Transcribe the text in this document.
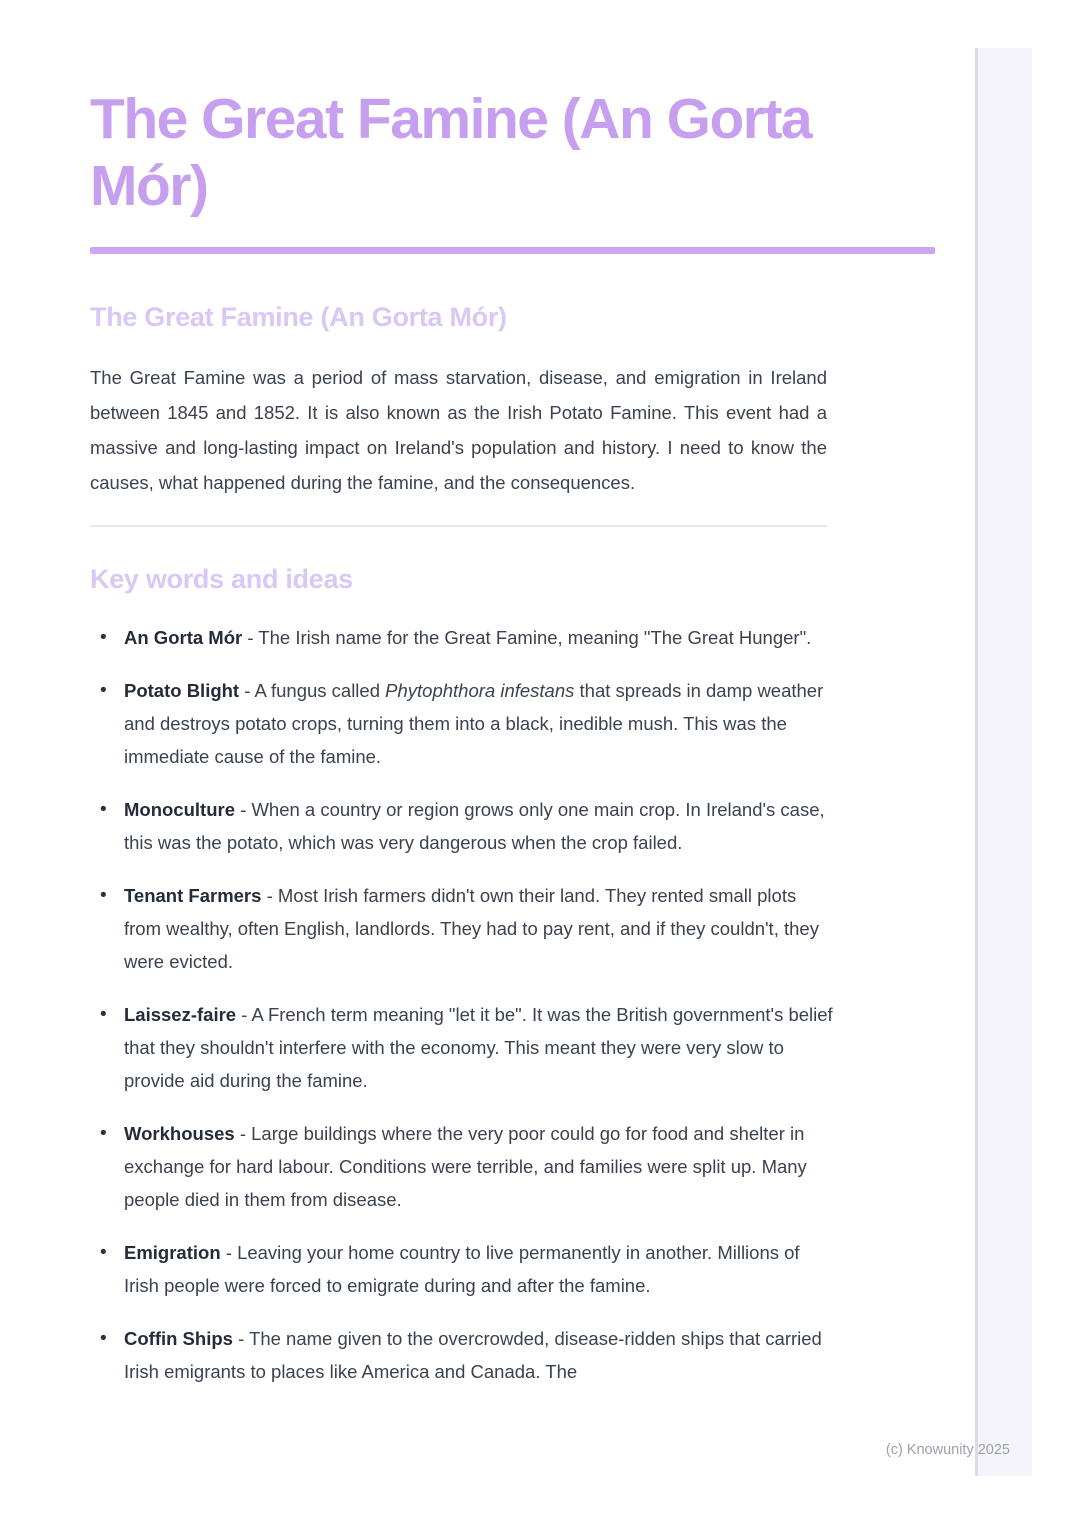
The Great Famine (An Gorta Mór)
The Great Famine (An Gorta Mór)

The Great Famine was a period of mass starvation, disease, and emigration in Ireland between 1845 and 1852. It is also known as the Irish Potato Famine. This event had a massive and long-lasting impact on Ireland's population and history. I need to know the causes, what happened during the famine, and the consequences.

Key words and ideas
• An Gorta Mór - The Irish name for the Great Famine, meaning "The Great Hunger".
• Potato Blight - A fungus called Phytophthora infestans that spreads in damp weather and destroys potato crops, turning them into a black, inedible mush. This was the immediate cause of the famine.
• Monoculture - When a country or region grows only one main crop. In Ireland's case, this was the potato, which was very dangerous when the crop failed.
• Tenant Farmers - Most Irish farmers didn't own their land. They rented small plots from wealthy, often English, landlords. They had to pay rent, and if they couldn't, they were evicted.
• Laissez-faire - A French term meaning "let it be". It was the British government's belief that they shouldn't interfere with the economy. This meant they were very slow to provide aid during the famine.
• Workhouses - Large buildings where the very poor could go for food and shelter in exchange for hard labour. Conditions were terrible, and families were split up. Many people died in them from disease.
• Emigration - Leaving your home country to live permanently in another. Millions of Irish people were forced to emigrate during and after the famine.
• Coffin Ships - The name given to the overcrowded, disease-ridden ships that carried Irish emigrants to places like America and Canada. The
(c) Knowunity 2025
